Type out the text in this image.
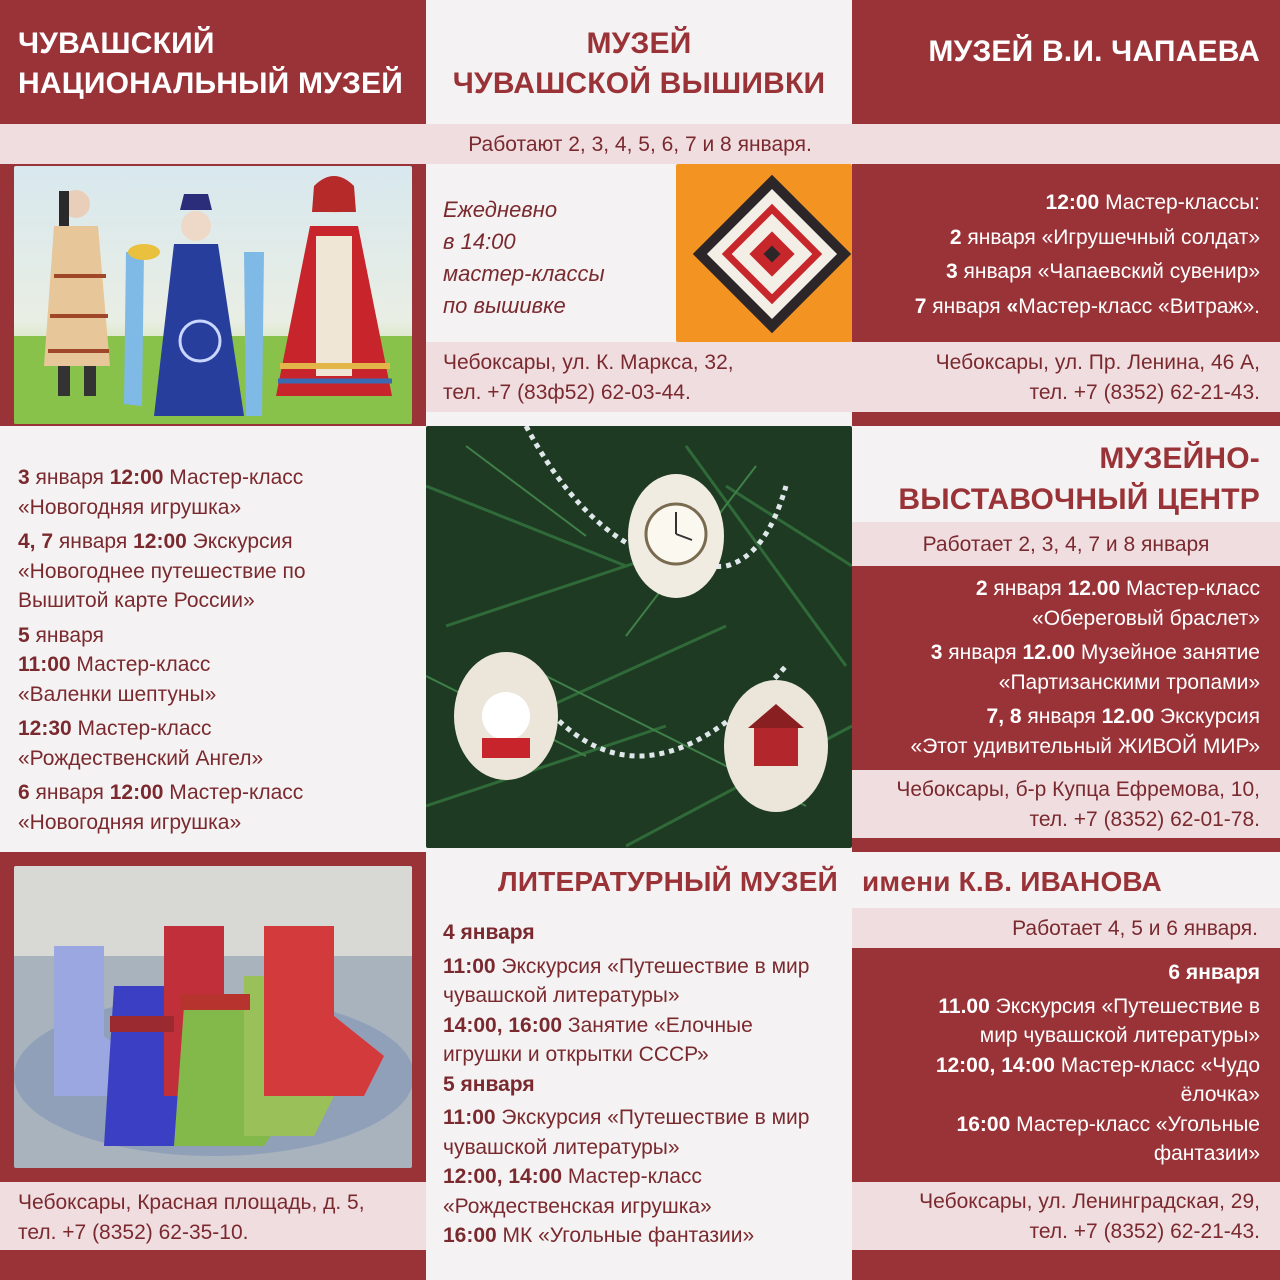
ЧУВАШСКИЙ
НАЦИОНАЛЬНЫЙ МУЗЕЙ
МУЗЕЙ
ЧУВАШСКОЙ ВЫШИВКИ
МУЗЕЙ В.И. ЧАПАЕВА
Работают 2, 3, 4, 5, 6, 7 и 8 января.
Ежедневно
в 14:00
мастер-классы
по вышивке
12:00 Мастер-классы:
2 января «Игрушечный солдат»
3 января «Чапаевский сувенир»
7 января «Мастер-класс «Витраж».
Чебоксары, ул. К. Маркса, 32,
тел. +7 (83ф52) 62-03-44.
Чебоксары, ул. Пр. Ленина, 46 А,
тел. +7 (8352) 62-21-43.
3 января 12:00 Мастер-класс
«Новогодняя игрушка»
4, 7 января 12:00 Экскурсия
«Новогоднее путешествие по
Вышитой карте России»
5 января
11:00 Мастер-класс
«Валенки шептуны»
12:30 Мастер-класс
«Рождественский Ангел»
6 января 12:00 Мастер-класс
«Новогодняя игрушка»
МУЗЕЙНО-
ВЫСТАВОЧНЫЙ ЦЕНТР
Работает 2, 3, 4, 7 и 8 января
2 января 12.00 Мастер-класс
«Обереговый браслет»
3 января 12.00 Музейное занятие
«Партизанскими тропами»
7, 8 января 12.00 Экскурсия
«Этот удивительный ЖИВОЙ МИР»
Чебоксары, б-р Купца Ефремова, 10,
тел. +7 (8352) 62-01-78.
Чебоксары, Красная площадь, д. 5,
тел. +7 (8352) 62-35-10.
ЛИТЕРАТУРНЫЙ МУЗЕЙ имени К.В. ИВАНОВА
Работает 4, 5 и 6 января.
4 января
11:00 Экскурсия «Путешествие в мир
чувашской литературы»
14:00, 16:00 Занятие «Елочные
игрушки и открытки СССР»
5 января
11:00 Экскурсия «Путешествие в мир
чувашской литературы»
12:00, 14:00 Мастер-класс
«Рождественская игрушка»
16:00 МК «Угольные фантазии»
6 января
11.00 Экскурсия «Путешествие в
мир чувашской литературы»
12:00, 14:00 Мастер-класс «Чудо
ёлочка»
16:00 Мастер-класс «Угольные
фантазии»
Чебоксары, ул. Ленинградская, 29,
тел. +7 (8352) 62-21-43.
